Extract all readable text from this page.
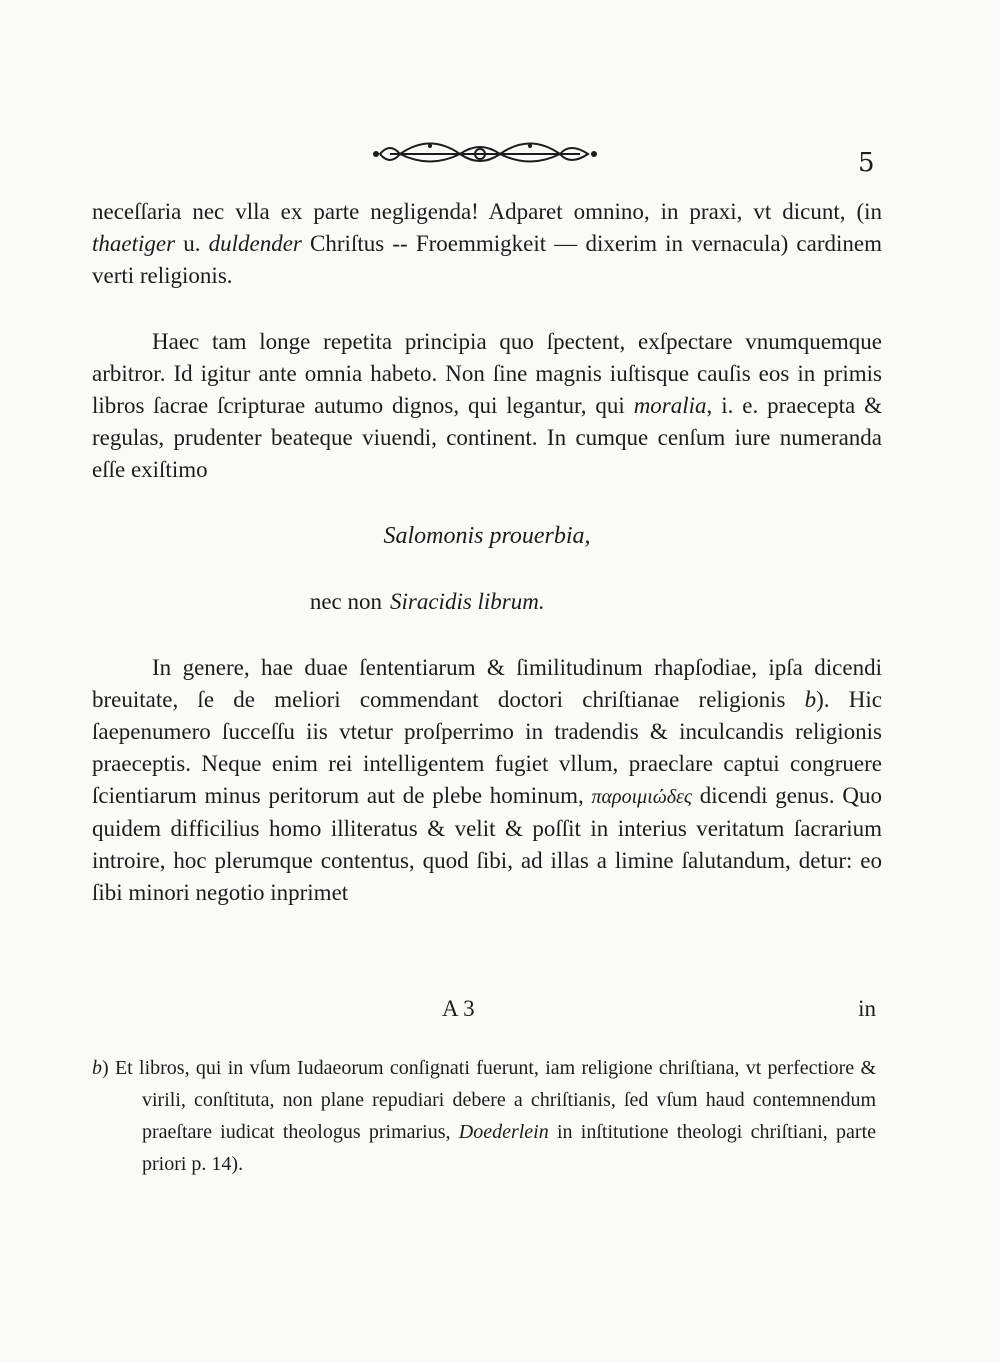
5

neceſſaria nec vlla ex parte negligenda! Adparet omnino, in praxi, vt dicunt, (in thaetiger u. duldender Chriſtus -- Froemmigkeit — dixerim in vernacula) cardinem verti religionis.

Haec tam longe repetita principia quo ſpectent, exſpectare vnumquemque arbitror. Id igitur ante omnia habeto. Non ſine magnis iuſtisque cauſis eos in primis libros ſacrae ſcripturae autumo dignos, qui legantur, qui moralia, i. e. praecepta & regulas, prudenter beateque viuendi, continent. In cumque cenſum iure numeranda eſſe exiſtimo

Salomonis prouerbia,

nec non Siracidis librum.

In genere, hae duae ſententiarum & ſimilitudinum rhapſodiae, ipſa dicendi breuitate, ſe de meliori commendant doctori chriſtianae religionis b). Hic ſaepenumero ſucceſſu iis vtetur proſperrimo in tradendis & inculcandis religionis praeceptis. Neque enim rei intelligentem fugiet vllum, praeclare captui congruere ſcientiarum minus peritorum aut de plebe hominum, παροιμιώδες dicendi genus. Quo quidem difficilius homo illiteratus & velit & poſſit in interius veritatum ſacrarium introire, hoc plerumque contentus, quod ſibi, ad illas a limine ſalutandum, detur: eo ſibi minori negotio inprimet

A 3	in

b) Et libros, qui in vſum Iudaeorum conſignati fuerunt, iam religione chriſtiana, vt perfectiore & virili, conſtituta, non plane repudiari debere a chriſtianis, ſed vſum haud contemnendum praeſtare iudicat theologus primarius, Doederlein in inſtitutione theologi chriſtiani, parte priori p. 14).
